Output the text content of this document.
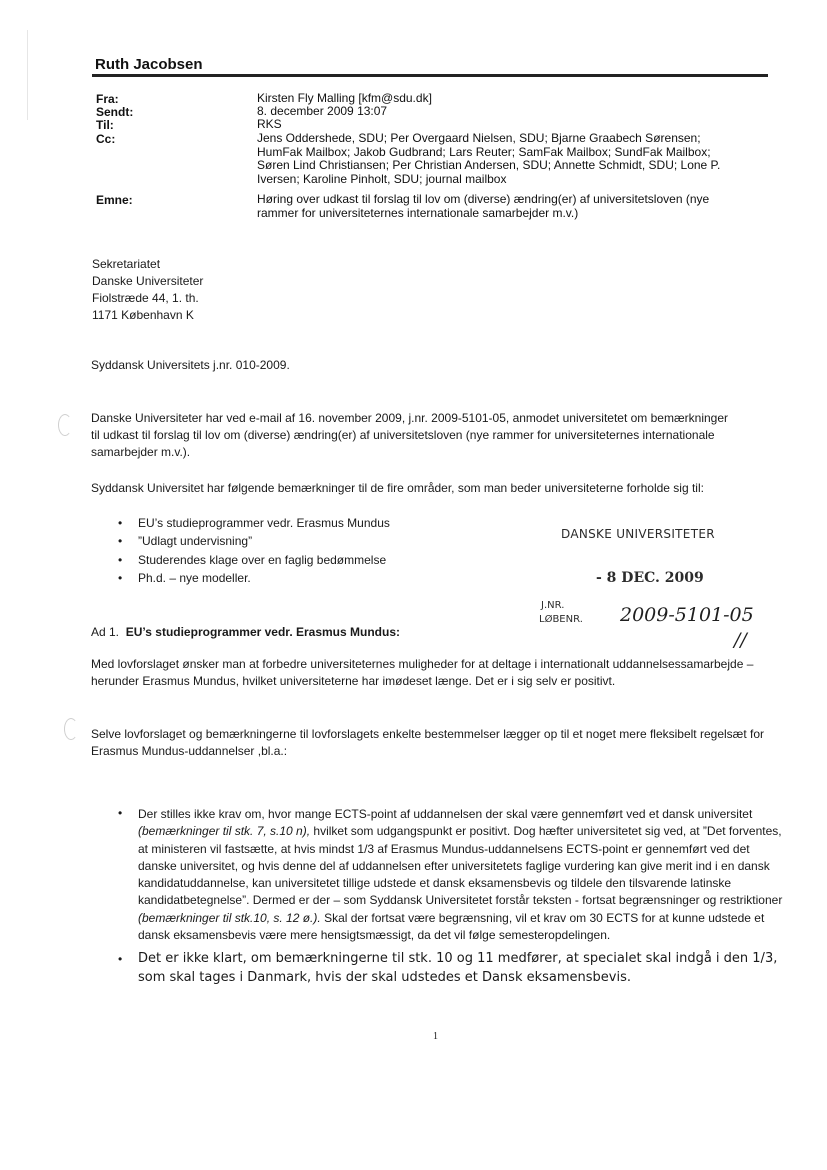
Ruth Jacobsen
Fra:	Kirsten Fly Malling [kfm@sdu.dk]
Sendt:	8. december 2009 13:07
Til:	RKS
Cc:	Jens Oddershede, SDU; Per Overgaard Nielsen, SDU; Bjarne Graabech Sørensen;
HumFak Mailbox; Jakob Gudbrand; Lars Reuter; SamFak Mailbox; SundFak Mailbox;
Søren Lind Christiansen; Per Christian Andersen, SDU; Annette Schmidt, SDU; Lone P.
Iversen; Karoline Pinholt, SDU; journal mailbox
Emne:	Høring over udkast til forslag til lov om (diverse) ændring(er) af universitetsloven (nye
rammer for universiteternes internationale samarbejder m.v.)
Sekretariatet
Danske Universiteter
Fiolstræde 44, 1. th.
1171 København K
Syddansk Universitets j.nr. 010-2009.
Danske Universiteter har ved e-mail af 16. november 2009, j.nr. 2009-5101-05, anmodet universitetet om bemærkninger til udkast til forslag til lov om (diverse) ændring(er) af universitetsloven (nye rammer for universiteternes internationale samarbejder m.v.).
Syddansk Universitet har følgende bemærkninger til de fire områder, som man beder universiteterne forholde sig til:
• EU’s studieprogrammer vedr. Erasmus Mundus
• ”Udlagt undervisning”
• Studerendes klage over en faglig bedømmelse
• Ph.d. – nye modeller.
DANSKE UNIVERSITETER
- 8 DEC. 2009
J.NR.
LØBENR. 2009-5101-05
//
Ad 1. EU’s studieprogrammer vedr. Erasmus Mundus:
Med lovforslaget ønsker man at forbedre universiteternes muligheder for at deltage i internationalt uddannelsessamarbejde – herunder Erasmus Mundus, hvilket universiteterne har imødeset længe. Det er i sig selv er positivt.
Selve lovforslaget og bemærkningerne til lovforslagets enkelte bestemmelser lægger op til et noget mere fleksibelt regelsæt for Erasmus Mundus-uddannelser ,bl.a.:
• Der stilles ikke krav om, hvor mange ECTS-point af uddannelsen der skal være gennemført ved et dansk universitet (bemærkninger til stk. 7, s.10 n), hvilket som udgangspunkt er positivt. Dog hæfter universitetet sig ved, at ”Det forventes, at ministeren vil fastsætte, at hvis mindst 1/3 af Erasmus Mundus-uddannelsens ECTS-point er gennemført ved det danske universitet, og hvis denne del af uddannelsen efter universitetets faglige vurdering kan give merit ind i en dansk kandidatuddannelse, kan universitetet tillige udstede et dansk eksamensbevis og tildele den tilsvarende latinske kandidatbetegnelse”. Dermed er der – som Syddansk Universitetet forstår teksten - fortsat begrænsninger og restriktioner (bemærkninger til stk.10, s. 12 ø.). Skal der fortsat være begrænsning, vil et krav om 30 ECTS for at kunne udstede et dansk eksamensbevis være mere hensigtsmæssigt, da det vil følge semesteropdelingen.
• Det er ikke klart, om bemærkningerne til stk. 10 og 11 medfører, at specialet skal indgå i den 1/3, som skal tages i Danmark, hvis der skal udstedes et Dansk eksamensbevis.
1
